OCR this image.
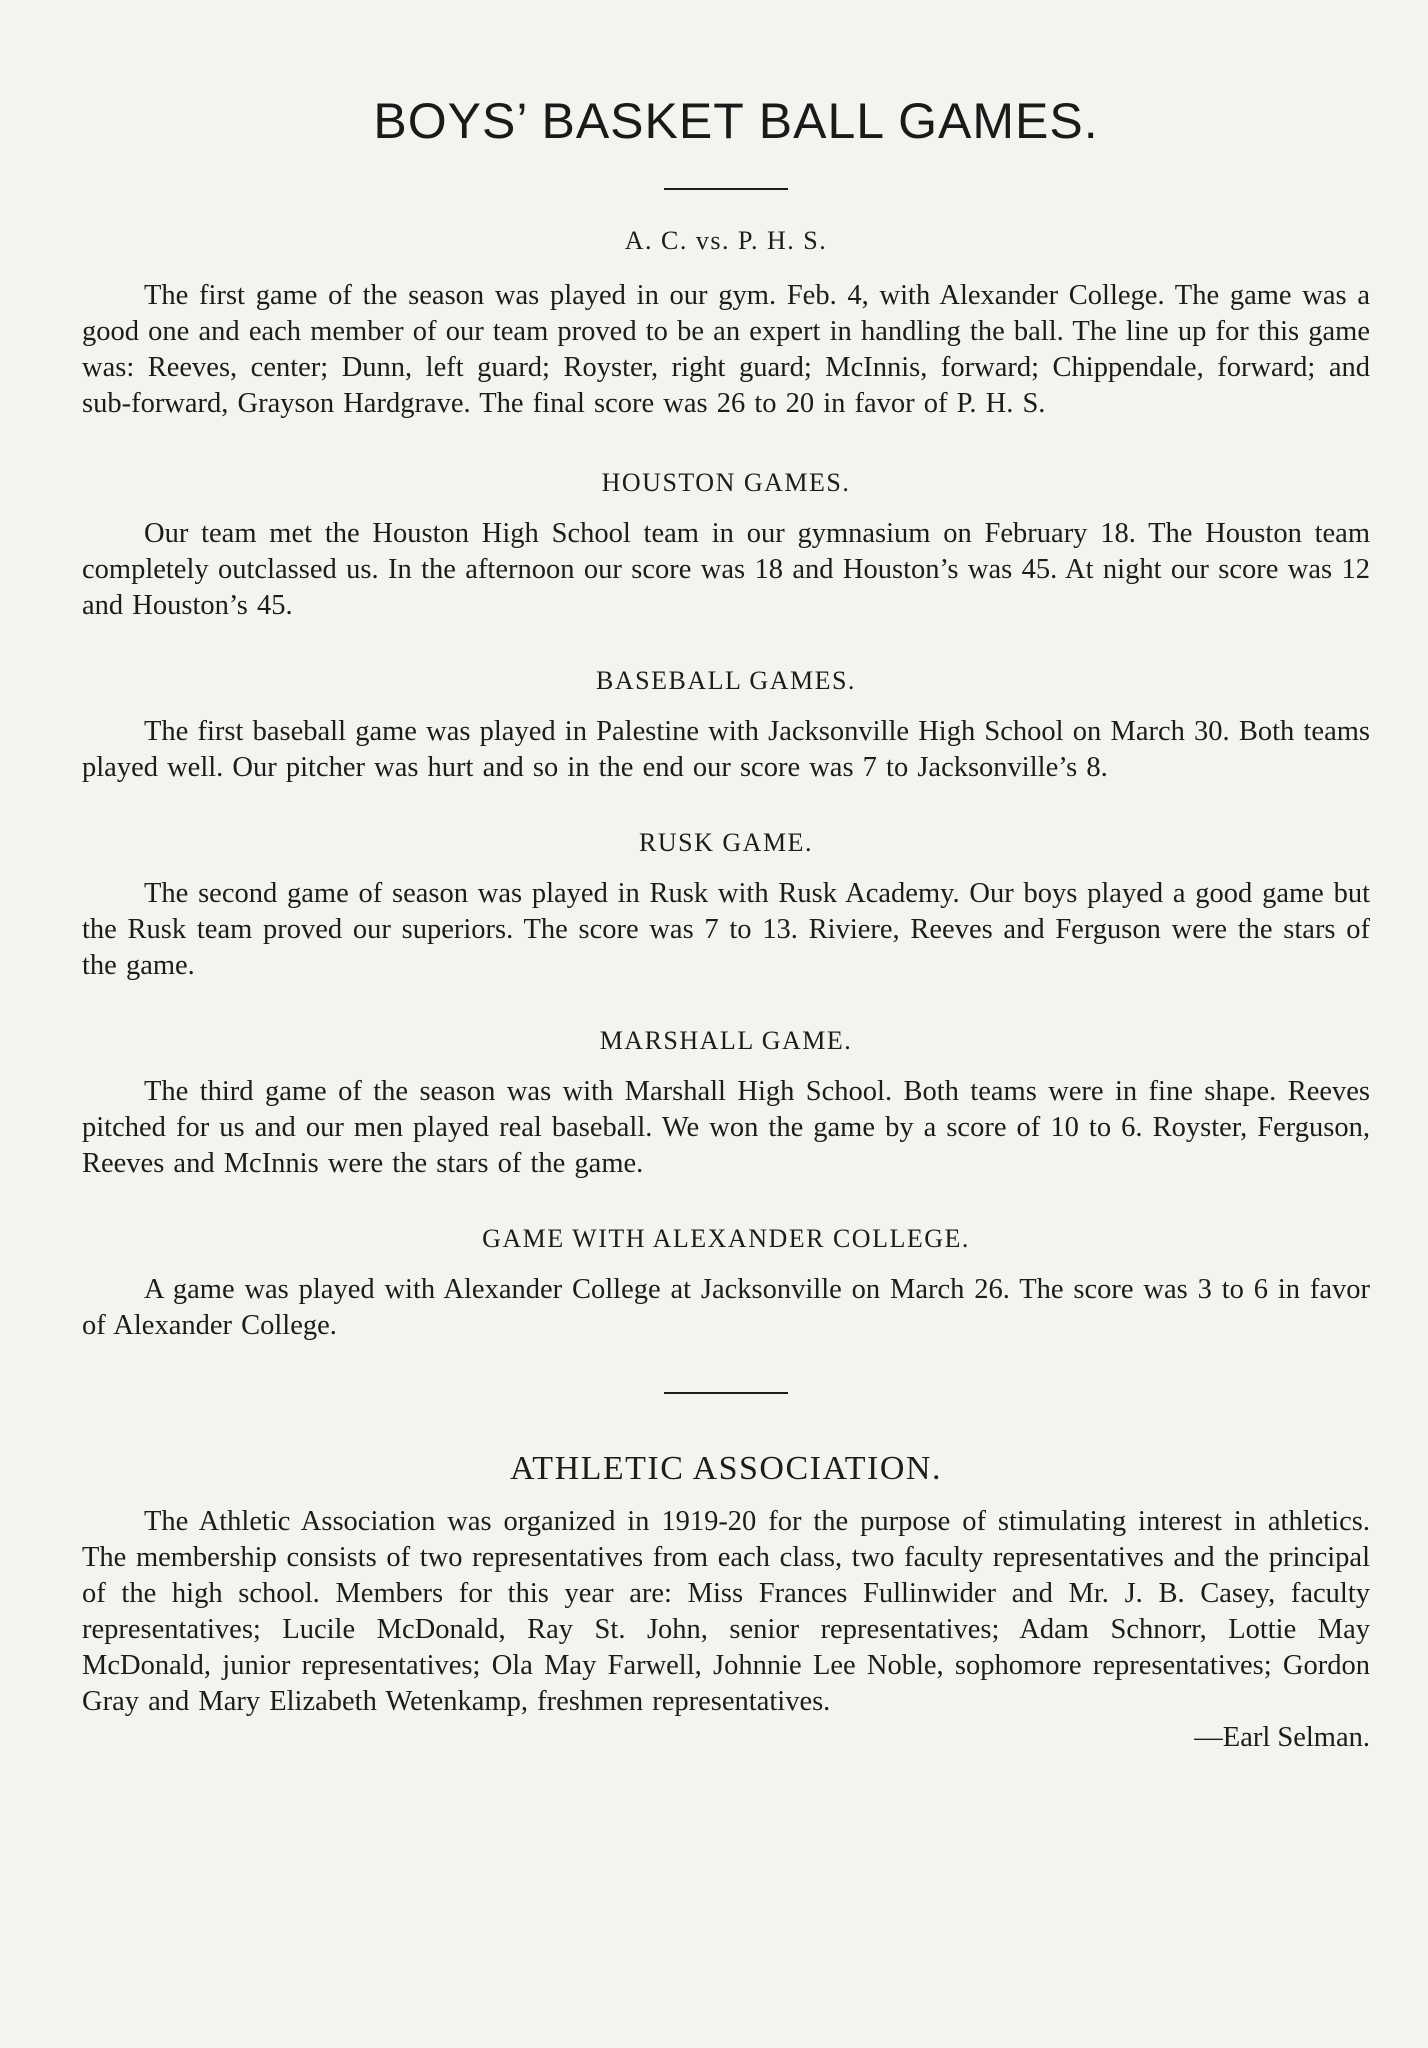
BOYS’ BASKET BALL GAMES.
A. C. vs. P. H. S.

The first game of the season was played in our gym. Feb. 4, with Alexander College. The game was a good one and each member of our team proved to be an expert in handling the ball. The line up for this game was: Reeves, center; Dunn, left guard; Royster, right guard; McInnis, forward; Chippendale, forward; and sub-forward, Grayson Hardgrave. The final score was 26 to 20 in favor of P. H. S.

HOUSTON GAMES.

Our team met the Houston High School team in our gymnasium on February 18. The Houston team completely outclassed us. In the afternoon our score was 18 and Houston’s was 45. At night our score was 12 and Houston’s 45.

BASEBALL GAMES.

The first baseball game was played in Palestine with Jacksonville High School on March 30. Both teams played well. Our pitcher was hurt and so in the end our score was 7 to Jacksonville’s 8.

RUSK GAME.

The second game of season was played in Rusk with Rusk Academy. Our boys played a good game but the Rusk team proved our superiors. The score was 7 to 13. Riviere, Reeves and Ferguson were the stars of the game.

MARSHALL GAME.

The third game of the season was with Marshall High School. Both teams were in fine shape. Reeves pitched for us and our men played real baseball. We won the game by a score of 10 to 6. Royster, Ferguson, Reeves and McInnis were the stars of the game.

GAME WITH ALEXANDER COLLEGE.

A game was played with Alexander College at Jacksonville on March 26. The score was 3 to 6 in favor of Alexander College.

ATHLETIC ASSOCIATION.

The Athletic Association was organized in 1919-20 for the purpose of stimulating interest in athletics. The membership consists of two representatives from each class, two faculty representatives and the principal of the high school. Members for this year are: Miss Frances Fullinwider and Mr. J. B. Casey, faculty representatives; Lucile McDonald, Ray St. John, senior representatives; Adam Schnorr, Lottie May McDonald, junior representatives; Ola May Farwell, Johnnie Lee Noble, sophomore representatives; Gordon Gray and Mary Elizabeth Wetenkamp, freshmen representatives.

—Earl Selman.
